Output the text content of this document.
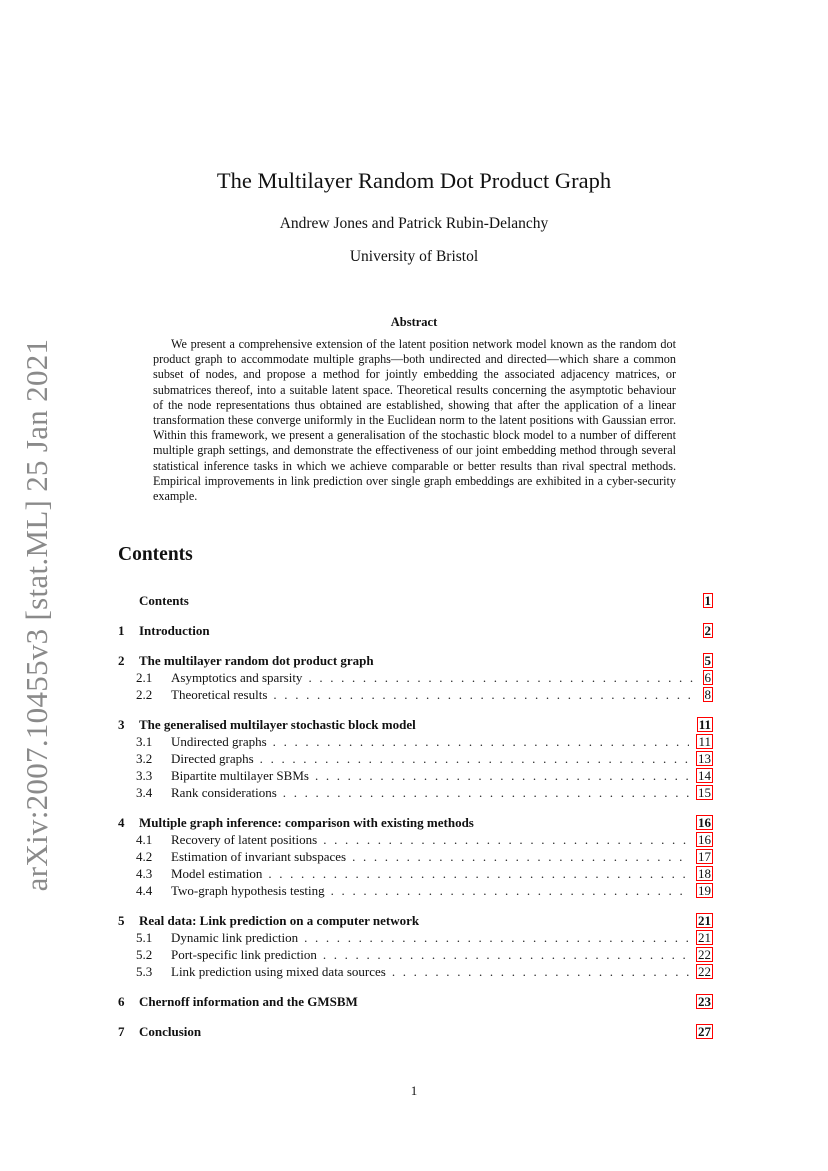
arXiv:2007.10455v3 [stat.ML] 25 Jan 2021
The Multilayer Random Dot Product Graph
Andrew Jones and Patrick Rubin-Delanchy
University of Bristol
Abstract
We present a comprehensive extension of the latent position network model known as the random dot product graph to accommodate multiple graphs—both undirected and directed—which share a common subset of nodes, and propose a method for jointly embedding the associated adjacency matrices, or submatrices thereof, into a suitable latent space. Theoretical results concerning the asymptotic behaviour of the node representations thus obtained are established, showing that after the application of a linear transformation these converge uniformly in the Euclidean norm to the latent positions with Gaussian error. Within this framework, we present a generalisation of the stochastic block model to a number of different multiple graph settings, and demonstrate the effectiveness of our joint embedding method through several statistical inference tasks in which we achieve comparable or better results than rival spectral methods. Empirical improvements in link prediction over single graph embeddings are exhibited in a cyber-security example.
Contents
Contents	1
1	Introduction	2
2	The multilayer random dot product graph	5
2.1	Asymptotics and sparsity . . .	6
2.2	Theoretical results . . .	8
3	The generalised multilayer stochastic block model	11
3.1	Undirected graphs . . .	11
3.2	Directed graphs . . .	13
3.3	Bipartite multilayer SBMs . . .	14
3.4	Rank considerations . . .	15
4	Multiple graph inference: comparison with existing methods	16
4.1	Recovery of latent positions . . .	16
4.2	Estimation of invariant subspaces . . .	17
4.3	Model estimation . . .	18
4.4	Two-graph hypothesis testing . . .	19
5	Real data: Link prediction on a computer network	21
5.1	Dynamic link prediction . . .	21
5.2	Port-specific link prediction . . .	22
5.3	Link prediction using mixed data sources . . .	22
6	Chernoff information and the GMSBM	23
7	Conclusion	27
1
